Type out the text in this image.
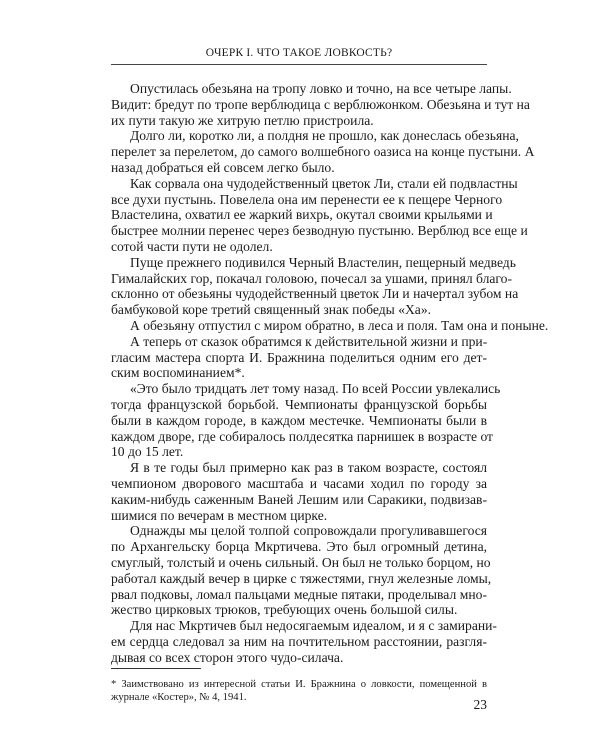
ОЧЕРК I. ЧТО ТАКОЕ ЛОВКОСТЬ?
Опустилась обезьяна на тропу ловко и точно, на все четыре лапы.
Видит: бредут по тропе верблюдица с верблюжонком. Обезьяна и тут на
их пути такую же хитрую петлю пристроила.
Долго ли, коротко ли, а полдня не прошло, как донеслась обезьяна,
перелет за перелетом, до самого волшебного оазиса на конце пустыни. А
назад добраться ей совсем легко было.
Как сорвала она чудодейственный цветок Ли, стали ей подвластны
все духи пустынь. Повелела она им перенести ее к пещере Черного
Властелина, охватил ее жаркий вихрь, окутал своими крыльями и
быстрее молнии перенес через безводную пустыню. Верблюд все еще и
сотой части пути не одолел.
Пуще прежнего подивился Черный Властелин, пещерный медведь
Гималайских гор, покачал головою, почесал за ушами, принял благо-
склонно от обезьяны чудодейственный цветок Ли и начертал зубом на
бамбуковой коре третий священный знак победы «Ха».
А обезьяну отпустил с миром обратно, в леса и поля. Там она и поныне.
А теперь от сказок обратимся к действительной жизни и при-
гласим мастера спорта И. Бражнина поделиться одним его дет-
ским воспоминанием*.
«Это было тридцать лет тому назад. По всей России увлекались
тогда французской борьбой. Чемпионаты французской борьбы
были в каждом городе, в каждом местечке. Чемпионаты были в
каждом дворе, где собиралось полдесятка парнишек в возрасте от
10 до 15 лет.
Я в те годы был примерно как раз в таком возрасте, состоял
чемпионом дворового масштаба и часами ходил по городу за
каким-нибудь саженным Ваней Лешим или Саракики, подвизав-
шимися по вечерам в местном цирке.
Однажды мы целой толпой сопровождали прогуливавшегося
по Архангельску борца Мкртичева. Это был огромный детина,
смуглый, толстый и очень сильный. Он был не только борцом, но
работал каждый вечер в цирке с тяжестями, гнул железные ломы,
рвал подковы, ломал пальцами медные пятаки, проделывал мно-
жество цирковых трюков, требующих очень большой силы.
Для нас Мкртичев был недосягаемым идеалом, и я с замирани-
ем сердца следовал за ним на почтительном расстоянии, разгля-
дывая со всех сторон этого чудо-силача.
* Заимствовано из интересной статьи И. Бражнина о ловкости, помещенной в
журнале «Костер», № 4, 1941.	23
